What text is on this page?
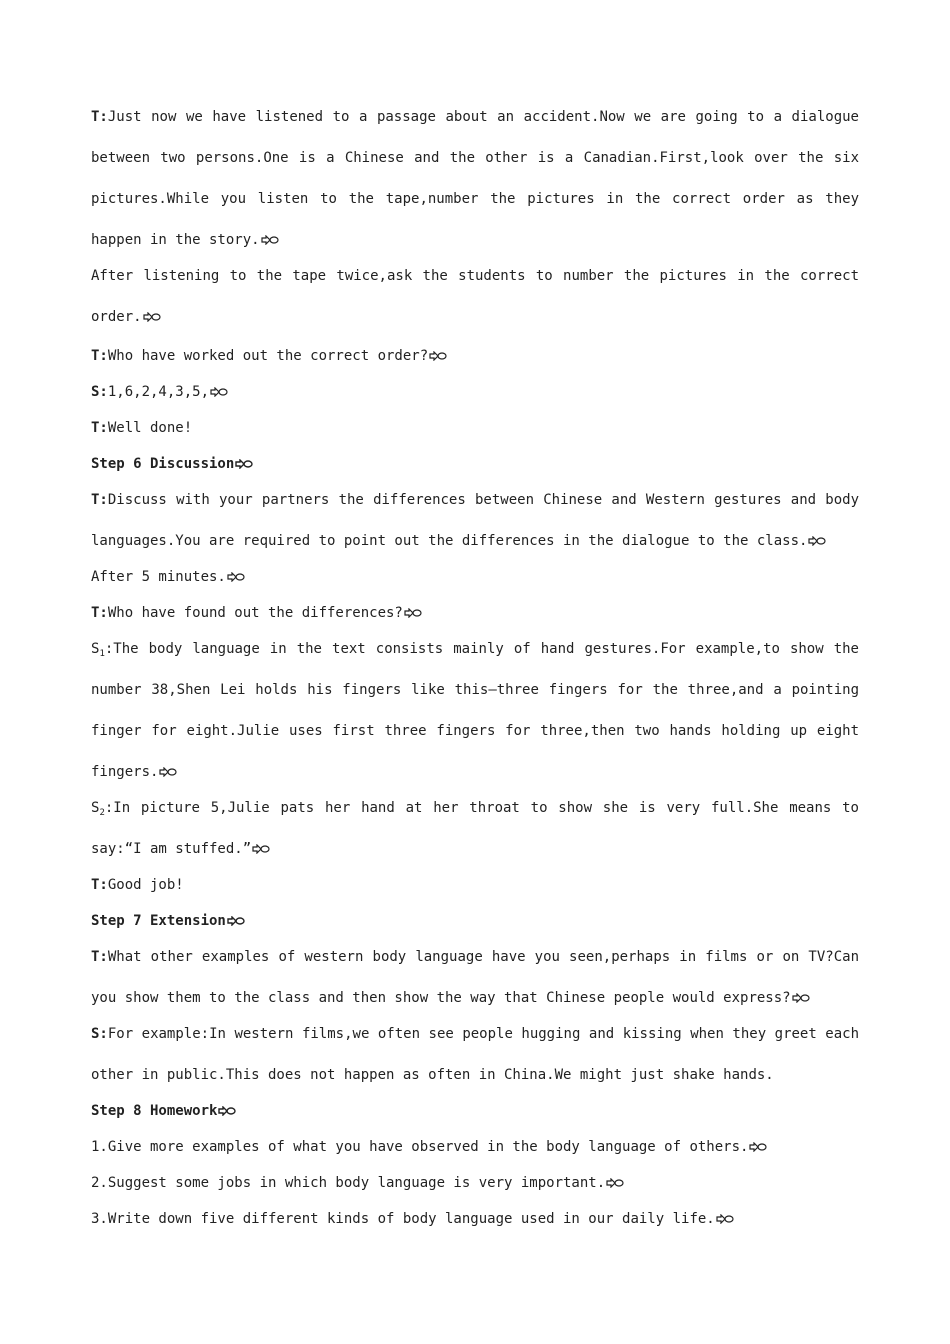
T:Just now we have listened to a passage about an accident.Now we are going to a dialogue between two persons.One is a Chinese and the other is a Canadian.First,look over the six pictures.While you listen to the tape,number the pictures in the correct order as they happen in the story.

After listening to the tape twice,ask the students to number the pictures in the correct order.

T:Who have worked out the correct order?

S:1,6,2,4,3,5,

T:Well done!

Step 6 Discussion

T:Discuss with your partners the differences between Chinese and Western gestures and body languages.You are required to point out the differences in the dialogue to the class.

After 5 minutes.

T:Who have found out the differences?

$S_1:The$ body language in the text consists mainly of hand gestures.For example,to show the number 38,Shen Lei holds his fingers like this—three fingers for the three,and a pointing finger for eight.Julie uses first three fingers for three,then two hands holding up eight fingers.

$S_2:In$ picture 5,Julie pats her hand at her throat to show she is very full.She means to say:“I am stuffed.”

T:Good job!

Step 7 Extension

T:What other examples of western body language have you seen,perhaps in films or on TV?Can you show them to the class and then show the way that Chinese people would express?

S:For example:In western films,we often see people hugging and kissing when they greet each other in public.This does not happen as often in China.We might just shake hands.

Step 8 Homework

1.Give more examples of what you have observed in the body language of others.

2.Suggest some jobs in which body language is very important.

3.Write down five different kinds of body language used in our daily life.
